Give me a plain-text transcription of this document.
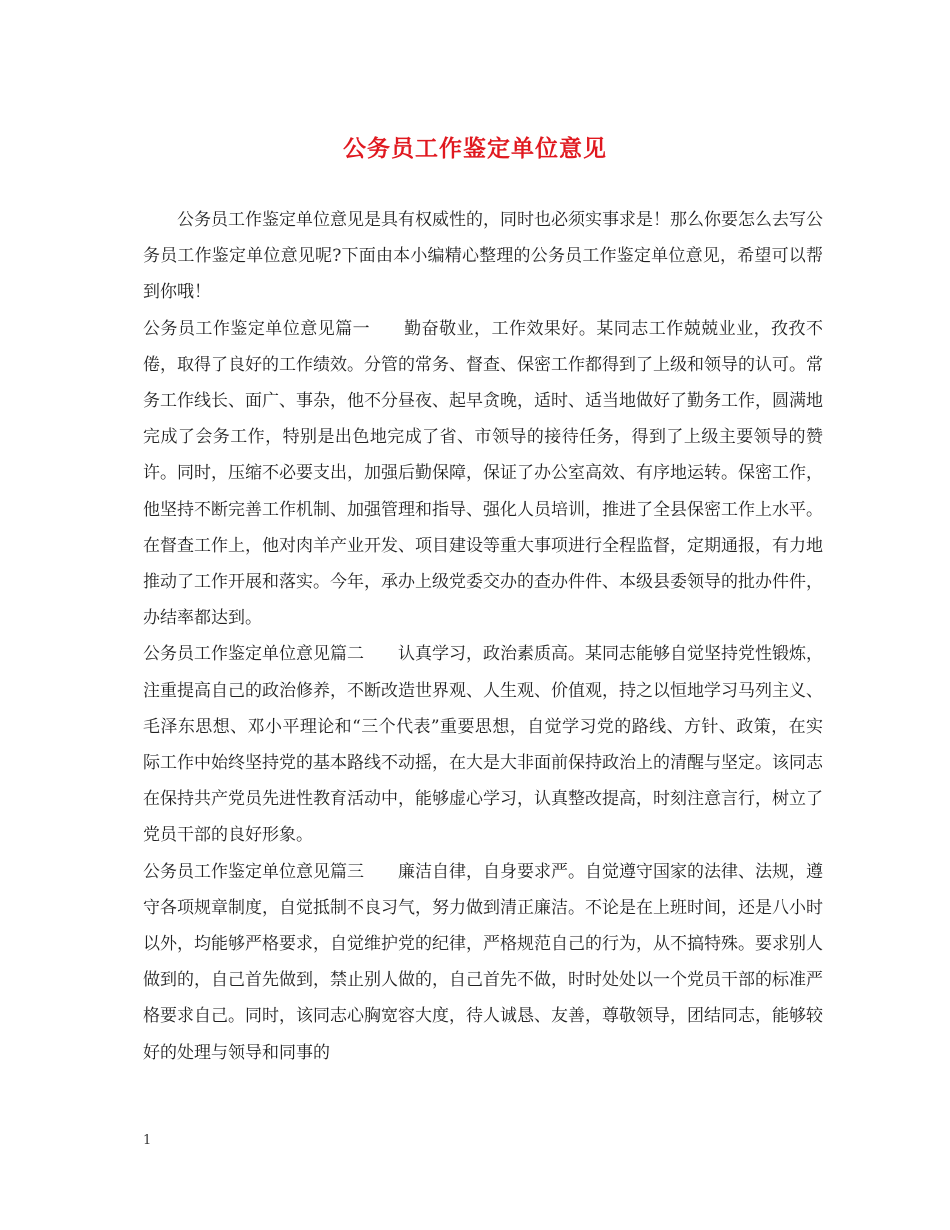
公务员工作鉴定单位意见

公务员工作鉴定单位意见是具有权威性的，同时也必须实事求是！那么你要怎么去写公务员工作鉴定单位意见呢?下面由本小编精心整理的公务员工作鉴定单位意见，希望可以帮到你哦！

公务员工作鉴定单位意见篇一 勤奋敬业，工作效果好。某同志工作兢兢业业，孜孜不倦，取得了良好的工作绩效。分管的常务、督查、保密工作都得到了上级和领导的认可。常务工作线长、面广、事杂，他不分昼夜、起早贪晚，适时、适当地做好了勤务工作，圆满地完成了会务工作，特别是出色地完成了省、市领导的接待任务，得到了上级主要领导的赞许。同时，压缩不必要支出，加强后勤保障，保证了办公室高效、有序地运转。保密工作，他坚持不断完善工作机制、加强管理和指导、强化人员培训，推进了全县保密工作上水平。在督查工作上，他对肉羊产业开发、项目建设等重大事项进行全程监督，定期通报，有力地推动了工作开展和落实。今年，承办上级党委交办的查办件件、本级县委领导的批办件件，办结率都达到。

公务员工作鉴定单位意见篇二 认真学习，政治素质高。某同志能够自觉坚持党性锻炼，注重提高自己的政治修养，不断改造世界观、人生观、价值观，持之以恒地学习马列主义、毛泽东思想、邓小平理论和“三个代表”重要思想，自觉学习党的路线、方针、政策，在实际工作中始终坚持党的基本路线不动摇，在大是大非面前保持政治上的清醒与坚定。该同志在保持共产党员先进性教育活动中，能够虚心学习，认真整改提高，时刻注意言行，树立了党员干部的良好形象。

公务员工作鉴定单位意见篇三 廉洁自律，自身要求严。自觉遵守国家的法律、法规，遵守各项规章制度，自觉抵制不良习气，努力做到清正廉洁。不论是在上班时间，还是八小时以外，均能够严格要求，自觉维护党的纪律，严格规范自己的行为，从不搞特殊。要求别人做到的，自己首先做到，禁止别人做的，自己首先不做，时时处处以一个党员干部的标准严格要求自己。同时，该同志心胸宽容大度，待人诚恳、友善，尊敬领导，团结同志，能够较好的处理与领导和同事的

1
